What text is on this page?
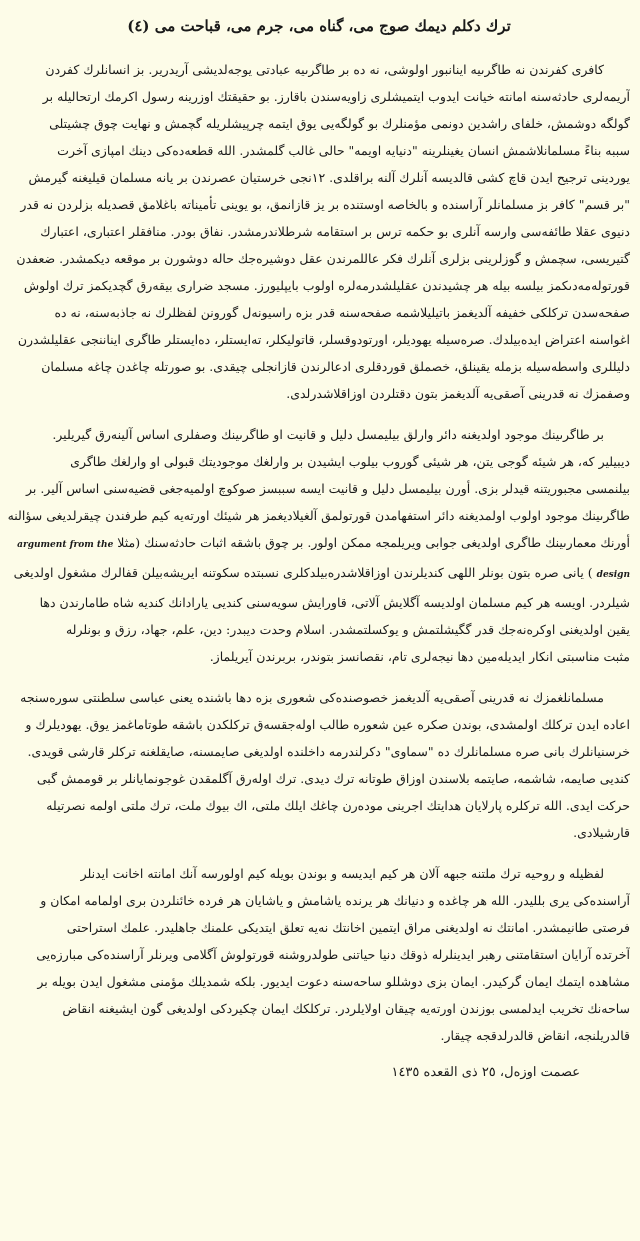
ترك دكلم ديمك صوج مى، گناه مى، جرم مى، قباحت مى (٤)
كافرى كفرندن نه طاگرىيه اينانبور اولوشى، نه ده بر طاگرىيه عبادتى يوجه‌لديشى آريدرير. بز انسانلرك كفردن
آريمه‌لرى حادثه‌سنه امانته خيانت ايدوب ايتميشلرى زاويه‌سندن باقارز. بو حقيقتك اوزرينه رسول اكرمك ارتحاليله بر
گولگه دوشمش، خلفاى راشدين دونمى مؤمنلرك بو گولگه‌يى يوق ايتمه چرپيشلريله گچمش و نهايت چوق چشيتلى
سببه بناءً مسلمانلاشمش انسان يغينلرينه "دنيايه اويمه" حالى غالب گلمشدر. الله قطعه‌ده‌كى دينك امپازى آخرت
يوردينى ترجيح ايدن قاچ كشى قالديسه آنلرك آلنه براقلدى. ١٢نجى خرستيان عصرندن بر يانه مسلمان قيليغنه گيرمش
"بر قسم" كافر بز مسلمانلر آراسنده و بالخاصه اوستنده بر يز قازانمق، بو يوينى تأميناته باغلامق قصديله بزلردن نه قدر
دنيوى عقلا طائفه‌سى وارسه آنلرى بو حكمه ترس بر استقامه شرطلاندرمشدر. نفاق بودر. منافقلر اعتبارى، اعتبارك
گتيريسى، سچمش و گوزلرينى بزلرى آنلرك فكر عاللمرندن عقل دوشيرەجك حاله دوشورن بر موقعه ديكمشدر. ضعفدن
قورتوله‌مه‌دىكمز بيلسه بيله هر چشيدندن عقليلشدرمه‌لره اولوب بايپليورز. مسجد ضرارى بيقەرق گچديكمز ترك اولوش
صفحه‌سدن تركلكى خفيفه آلديغمز باتيليلاشمه صفحه‌سنه قدر بزه راسيونه‌ل گورونن لفظلرك نه جاذبه‌سنه، نه ده
اغواسنه اعتراض ايده‌بيلدك. صره‌سيله يهوديلر، اورتودوقسلر، قاتوليكلر، تەايستلر، دەايستلر طاگرى ايناننجى عقليلشدرن
دليللرى واسطه‌سيله بزمله يقينلق، خصملق قوردقلرى ادعالرندن قازانجلى چيقدى. بو صورتله چاغدن چاغه مسلمان
وصفمزك نه قدرينى آصقى‌يه آلديغمز بتون دقتلردن اوزاقلاشدرلدى.
بر طاگرىينك موجود اولديغنه دائر وارلق بيليمسل دليل و قانيت او طاگرىينك وصفلرى اساس آلينەرق گيريلير.
ديبيلير كه، هر شيئه گوجى يتن، هر شيئى گوروب بيلوب ايشيدن بر وارلغك موجوديتك قبولى او وارلغك طاگرى
بيلنمسى مجبوريتنه قيدلر بزى. أورن بيليمسل دليل و قانيت ايسه سببسز صوكوچ اولميه‌جغى قضيه‌سنى اساس آلير. بر
طاگرىينك موجود اولوب اولمديغنه دائر استفهامدن قورتولمق آلغيلاديغمز هر شيئك اورتەيه كيم طرفندن چيقرلديغى سؤالنه
أورنك معمارىينك طاگرى اولديغى جوابى ويريلمجه ممكن اولور. بر چوق باشقه اثبات حادثه‌سنك (مثلا argument from the
design ) يانى صره بتون بونلر اللهى كنديلرندن اوزاقلاشدرەبيلدكلرى نسبتده سكوتنه ايريشەبيلن قفالرك مشغول اولديغى
شيلردر. اويسه هر كيم مسلمان اولديسه آگلايش آلاتى، قاورايش سويه‌سنى كنديى يارادانك كنديه شاه طامارندن دها
يقين اولديغنى اوكرەنەجك قدر گگيشلتمش و يوكسلتمشدر. اسلام وحدت ديبدر: دين، علم، جهاد، رزق و بونلرله
مثبت مناسبتى انكار ايديله‌مين دها نيجه‌لرى تام، نقصانسز بتوندر، بربرندن آيريلماز.
مسلمانلغمزك نه قدرينى آصقى‌يه آلديغمز خصوصنده‌كى شعورى بزه دها باشنده يعنى عباسى سلطنتى سوره‌سنجه
اعاده ايدن تركلك اولمشدى، بوندن صكره عين شعوره طالب اوله‌جقسەق تركلكدن باشقه طوتاماغمز يوق. يهوديلرك و
خرسنيانلرك بانى صره مسلمانلرك ده "سماوى" دكرلندرمه داخلنده اولديغى صايمسنه، صايقلغنه تركلر قارشى قويدى.
كنديى صايمه، شاشمه، صايتمه بلاسندن اوزاق طوتانه ترك ديدى. ترك اولەرق آگلمقدن غوجونمايانلر بر قوممش گبى
حركت ايدى. الله تركلره پارلايان هدايتك اجرينى موده‌رن چاغك ايلك ملتى، اك بيوك ملت، ترك ملتى اولمه نصرتيله
قارشيلادى.
لفظيله و روحيه ترك ملتنه جبهه آلان هر كيم ايديسه و بوندن بويله كيم اولورسه آنك امانته اخانت ايدنلر
آراسنده‌كى يرى بلليدر. الله هر چاغده و دنيانك هر يرنده ياشامش و ياشايان هر فرده خائنلردن برى اولمامه امكان و
فرصتى طانيمشدر. امانتك نه اولديغنى مراق ايتمين اخانتك نه‌يه تعلق ايتديكى علمنك جاهليدر. علمك استراحتى
آخرتده آرايان استقامتنى رهبر ايدينلرله ذوقك دنيا حياتنى طولدروشنه قورتولوش آگلامى ويرنلر آراسنده‌كى مبارزه‌يى
مشاهده ايتمك ايمان گركيدر. ايمان بزى دوشللو ساحه‌سنه دعوت ايديور. بلكه شمديلك مؤمنى مشغول ايدن بويله بر
ساحه‌نك تخريب ايدلمسى بوزندن اورته‌يه چيقان اولايلردر. تركلكك ايمان چكيردكى اولديغى گون ايشيغنه انقاض
قالدريلنجه، انقاض قالدرلدقجه چيقار.
عصمت اوزه‌ل، ٢٥ ذى القعده ١٤٣٥
